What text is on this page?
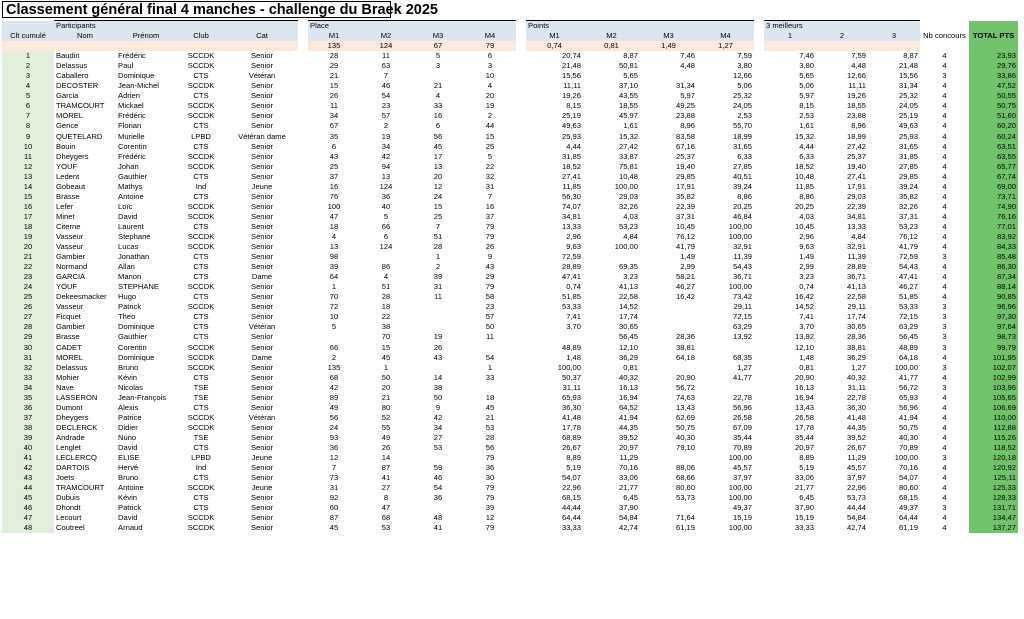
Classement général final 4 manches - challenge du Braek 2025
	Participants					Place					Points					3 meilleurs				
Clt cumulé	Nom	Prénom	Club	Cat		M1	M2	M3	M4		M1	M2	M3	M4		1	2	3	Nb concours	TOTAL PTS
						135	124	67	79		0,74	0,81	1,49	1,27						
1	Baudin	Frédéric	SCCDK	Senior		28	11	5	6		20,74	8,87	7,46	7,59		7,46	7,59	8,87	4	23,93
2	Delassus	Paul	SCCDK	Senior		29	63	3	3		21,48	50,81	4,48	3,80		3,80	4,48	21,48	4	29,76
3	Caballero	Dominique	CTS	Vétéran		21	7		10		15,56	5,65		12,66		5,65	12,66	15,56	3	33,86
4	DECOSTER	Jean-Michel	SCCDK	Senior		15	46	21	4		11,11	37,10	31,34	5,06		5,06	11,11	31,34	4	47,52
5	Garcia	Adrien	CTS	Senior		26	54	4	20		19,26	43,55	5,97	25,32		5,97	19,26	25,32	4	50,55
6	TRAMCOURT	Mickael	SCCDK	Senior		11	23	33	19		8,15	18,55	49,25	24,05		8,15	18,55	24,05	4	50,75
7	MOREL	Frédéric	SCCDK	Senior		34	57	16	2		25,19	45,97	23,88	2,53		2,53	23,88	25,19	4	51,60
8	Gence	Florian	CTS	Senior		67	2	6	44		49,63	1,61	8,96	55,70		1,61	8,96	49,63	4	60,20
9	QUETELARD	Murielle	LPBD	Vétéran dame		35	19	56	15		25,93	15,32	83,58	18,99		15,32	18,99	25,93	4	60,24
10	Bouin	Corentin	CTS	Senior		6	34	45	25		4,44	27,42	67,16	31,65		4,44	27,42	31,65	4	63,51
11	Dheygers	Frédéric	SCCDK	Senior		43	42	17	5		31,85	33,87	25,37	6,33		6,33	25,37	31,85	4	63,55
12	YOUF	Johan	SCCDK	Senior		25	94	13	22		18,52	75,81	19,40	27,85		18,52	19,40	27,85	4	65,77
13	Ledent	Gauthier	CTS	Senior		37	13	20	32		27,41	10,48	29,85	40,51		10,48	27,41	29,85	4	67,74
14	Gobeaut	Mathys	Ind	Jeune		16	124	12	31		11,85	100,00	17,91	39,24		11,85	17,91	39,24	4	69,00
15	Brasse	Antoine	CTS	Senior		76	36	24	7		56,30	29,03	35,82	8,86		8,86	29,03	35,82	4	73,71
16	Lefer	Loïc	SCCDK	Senior		100	40	15	16		74,07	32,26	22,39	20,25		20,25	22,39	32,26	4	74,90
17	Minet	David	SCCDK	Senior		47	5	25	37		34,81	4,03	37,31	46,84		4,03	34,81	37,31	4	76,16
18	Citerne	Laurent	CTS	Senior		18	66	7	79		13,33	53,23	10,45	100,00		10,45	13,33	53,23	4	77,01
19	Vasseur	Stephane	SCCDK	Senior		4	6	51	79		2,96	4,84	76,12	100,00		2,96	4,84	76,12	4	83,92
20	Vasseur	Lucas	SCCDK	Senior		13	124	28	26		9,63	100,00	41,79	32,91		9,63	32,91	41,79	4	84,33
21	Gambier	Jonathan	CTS	Senior		98		1	9		72,59		1,49	11,39		1,49	11,39	72,59	3	85,48
22	Normand	Allan	CTS	Senior		39	86	2	43		28,89	69,35	2,99	54,43		2,99	28,89	54,43	4	86,30
23	GARCIA	Manon	CTS	Dame		64	4	39	29		47,41	3,23	58,21	36,71		3,23	36,71	47,41	4	87,34
24	YOUF	STEPHANE	SCCDK	Senior		1	51	31	79		0,74	41,13	46,27	100,00		0,74	41,13	46,27	4	88,14
25	Dekeesmacker	Hugo	CTS	Senior		70	28	11	58		51,85	22,58	16,42	73,42		16,42	22,58	51,85	4	90,85
26	Vasseur	Patrick	SCCDK	Senior		72	18		23		53,33	14,52		29,11		14,52	29,11	53,33	3	96,96
27	Ficquet	Theo	CTS	Senior		10	22		57		7,41	17,74		72,15		7,41	17,74	72,15	3	97,30
28	Gambier	Dominique	CTS	Vétéran		5	38		50		3,70	30,65		63,29		3,70	30,65	63,29	3	97,64
29	Brasse	Gauthier	CTS	Senior			70	19	11			56,45	28,36	13,92		13,92	28,36	56,45	3	98,73
30	CADET	Corentin	SCCDK	Senior		66	15	26			48,89	12,10	38,81			12,10	38,81	48,89	3	99,79
31	MOREL	Dominique	SCCDK	Dame		2	45	43	54		1,48	36,29	64,18	68,35		1,48	36,29	64,18	4	101,95
32	Delassus	Bruno	SCCDK	Senior		135	1		1		100,00	0,81		1,27		0,81	1,27	100,00	3	102,07
33	Mohier	Kévin	CTS	Senior		68	50	14	33		50,37	40,32	20,90	41,77		20,90	40,32	41,77	4	102,99
34	Nave	Nicolas	TSE	Senior		42	20	38			31,11	16,13	56,72			16,13	31,11	56,72	3	103,96
35	LASSERON	Jean-François	TSE	Senior		89	21	50	18		65,93	16,94	74,63	22,78		16,94	22,78	65,93	4	105,65
36	Dumont	Alexis	CTS	Senior		49	80	9	45		36,30	64,52	13,43	56,96		13,43	36,30	56,96	4	106,69
37	Dheygers	Patrice	SCCDK	Vétéran		56	52	42	21		41,48	41,94	62,69	26,58		26,58	41,48	41,94	4	110,00
38	DECLERCK	Didier	SCCDK	Senior		24	55	34	53		17,78	44,35	50,75	67,09		17,78	44,35	50,75	4	112,88
39	Andrade	Nuno	TSE	Senior		93	49	27	28		68,89	39,52	40,30	35,44		35,44	39,52	40,30	4	115,26
40	Lenglet	David	CTS	Senior		36	26	53	56		26,67	20,97	79,10	70,89		20,97	26,67	70,89	4	118,52
41	LECLERCQ	ELISE	LPBD	Jeune		12	14		79		8,89	11,29		100,00		8,89	11,29	100,00	3	120,18
42	DARTOIS	Hervé	Ind	Senior		7	87	59	36		5,19	70,16	88,06	45,57		5,19	45,57	70,16	4	120,92
43	Joets	Bruno	CTS	Senior		73	41	46	30		54,07	33,06	68,66	37,97		33,06	37,97	54,07	4	125,11
44	TRAMCOURT	Antoine	SCCDK	Jeune		31	27	54	79		22,96	21,77	80,60	100,00		21,77	22,96	80,60	4	125,33
45	Dubuis	Kévin	CTS	Senior		92	8	36	79		68,15	6,45	53,73	100,00		6,45	53,73	68,15	4	128,33
46	Dhondt	Patrick	CTS	Senior		60	47		39		44,44	37,90		49,37		37,90	44,44	49,37	3	131,71
47	Lecourt	David	SCCDK	Senior		87	68	48	12		64,44	54,84	71,64	15,19		15,19	54,84	64,44	4	134,47
48	Coutreel	Arnaud	SCCDK	Senior		45	53	41	79		33,33	42,74	61,19	100,00		33,33	42,74	61,19	4	137,27
